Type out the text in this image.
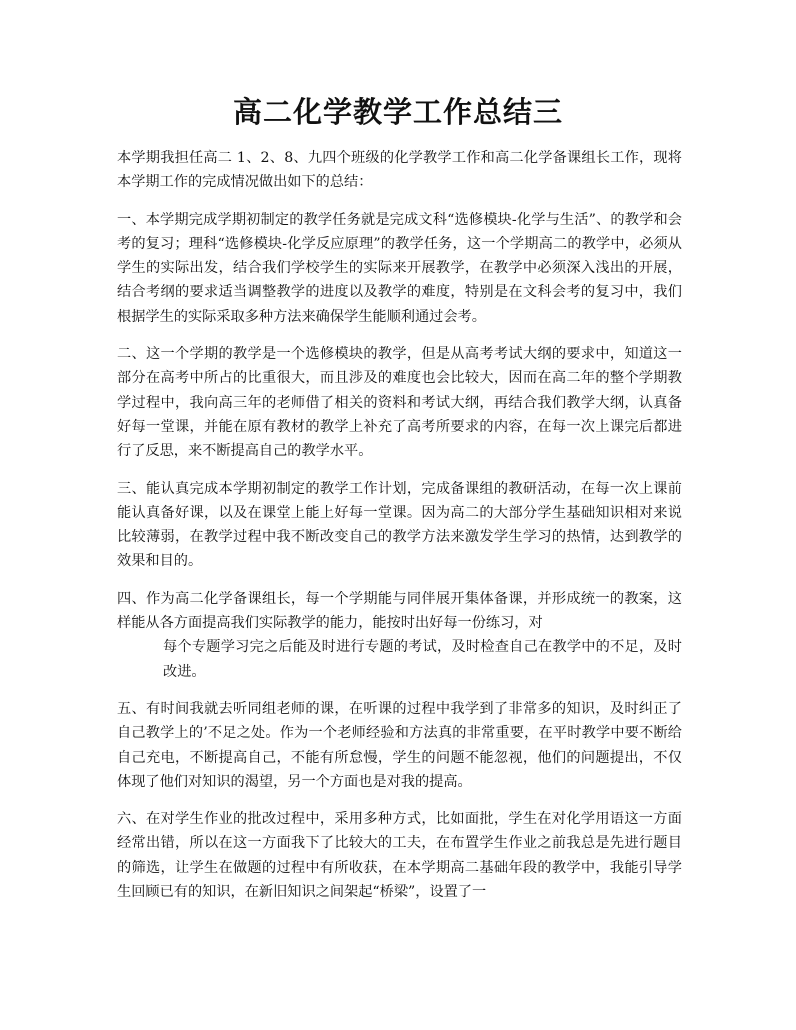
高二化学教学工作总结三

本学期我担任高二 1、2、8、九四个班级的化学教学工作和高二化学备课组长工作，现将本学期工作的完成情况做出如下的总结：

一、本学期完成学期初制定的教学任务就是完成文科“选修模块-化学与生活”、的教学和会考的复习；理科“选修模块-化学反应原理”的教学任务，这一个学期高二的教学中，必须从学生的实际出发，结合我们学校学生的实际来开展教学，在教学中必须深入浅出的开展，结合考纲的要求适当调整教学的进度以及教学的难度，特别是在文科会考的复习中，我们根据学生的实际采取多种方法来确保学生能顺利通过会考。

二、这一个学期的教学是一个选修模块的教学，但是从高考考试大纲的要求中，知道这一部分在高考中所占的比重很大，而且涉及的难度也会比较大，因而在高二年的整个学期教学过程中，我向高三年的老师借了相关的资料和考试大纲，再结合我们教学大纲，认真备好每一堂课，并能在原有教材的教学上补充了高考所要求的内容，在每一次上课完后都进行了反思，来不断提高自己的教学水平。

三、能认真完成本学期初制定的教学工作计划，完成备课组的教研活动，在每一次上课前能认真备好课，以及在课堂上能上好每一堂课。因为高二的大部分学生基础知识相对来说比较薄弱，在教学过程中我不断改变自己的教学方法来激发学生学习的热情，达到教学的效果和目的。

四、作为高二化学备课组长，每一个学期能与同伴展开集体备课，并形成统一的教案，这样能从各方面提高我们实际教学的能力，能按时出好每一份练习，对
每个专题学习完之后能及时进行专题的考试，及时检查自己在教学中的不足，及时改进。

五、有时间我就去听同组老师的课，在听课的过程中我学到了非常多的知识，及时纠正了自己教学上的’不足之处。作为一个老师经验和方法真的非常重要，在平时教学中要不断给自己充电，不断提高自己，不能有所怠慢，学生的问题不能忽视，他们的问题提出，不仅体现了他们对知识的渴望，另一个方面也是对我的提高。

六、在对学生作业的批改过程中，采用多种方式，比如面批，学生在对化学用语这一方面经常出错，所以在这一方面我下了比较大的工夫，在布置学生作业之前我总是先进行题目的筛选，让学生在做题的过程中有所收获，在本学期高二基础年段的教学中，我能引导学生回顾已有的知识，在新旧知识之间架起“桥梁”，设置了一
